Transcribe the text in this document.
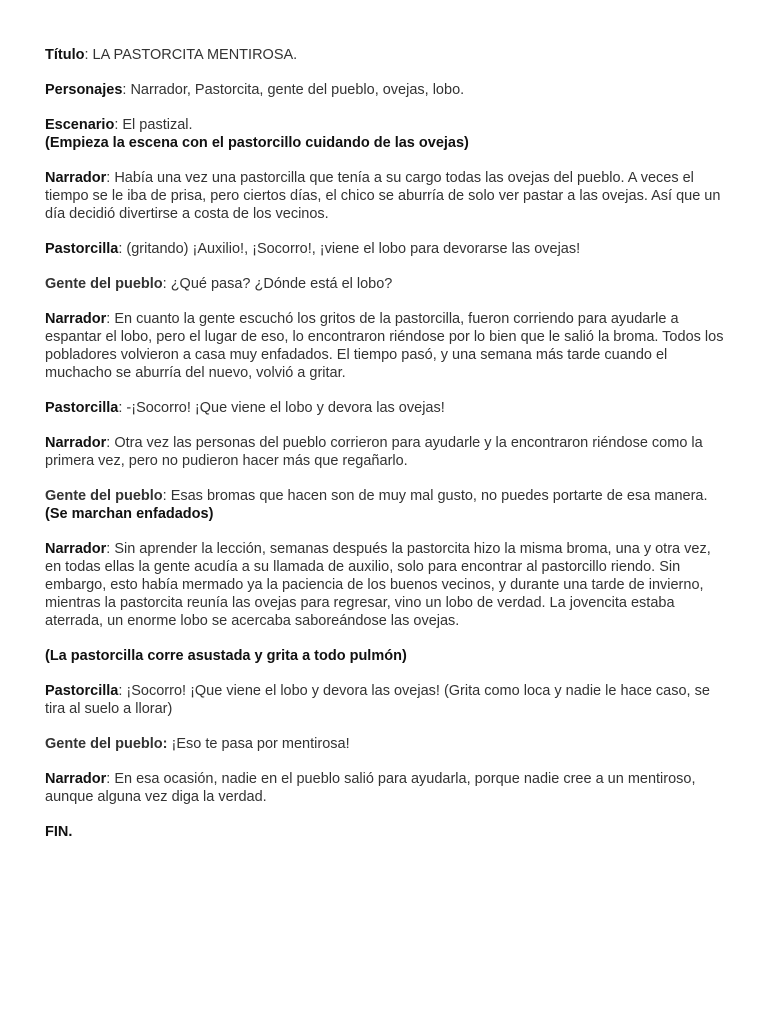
Título: LA PASTORCITA MENTIROSA.

Personajes: Narrador, Pastorcita, gente del pueblo, ovejas, lobo.

Escenario: El pastizal.

(Empieza la escena con el pastorcillo cuidando de las ovejas)

Narrador: Había una vez una pastorcilla que tenía a su cargo todas las ovejas del pueblo. A veces el tiempo se le iba de prisa, pero ciertos días, el chico se aburría de solo ver pastar a las ovejas. Así que un día decidió divertirse a costa de los vecinos.

Pastorcilla: (gritando) ¡Auxilio!, ¡Socorro!, ¡viene el lobo para devorarse las ovejas!

Gente del pueblo: ¿Qué pasa? ¿Dónde está el lobo?

Narrador: En cuanto la gente escuchó los gritos de la pastorcilla, fueron corriendo para ayudarle a espantar el lobo, pero el lugar de eso, lo encontraron riéndose por lo bien que le salió la broma. Todos los pobladores volvieron a casa muy enfadados. El tiempo pasó, y una semana más tarde cuando el muchacho se aburría del nuevo, volvió a gritar.

Pastorcilla: -¡Socorro! ¡Que viene el lobo y devora las ovejas!

Narrador: Otra vez las personas del pueblo corrieron para ayudarle y la encontraron riéndose como la primera vez, pero no pudieron hacer más que regañarlo.

Gente del pueblo: Esas bromas que hacen son de muy mal gusto, no puedes portarte de esa manera. (Se marchan enfadados)

Narrador: Sin aprender la lección, semanas después la pastorcita hizo la misma broma, una y otra vez, en todas ellas la gente acudía a su llamada de auxilio, solo para encontrar al pastorcillo riendo. Sin embargo, esto había mermado ya la paciencia de los buenos vecinos, y durante una tarde de invierno, mientras la pastorcita reunía las ovejas para regresar, vino un lobo de verdad. La jovencita estaba aterrada, un enorme lobo se acercaba saboreándose las ovejas.

(La pastorcilla corre asustada y grita a todo pulmón)

Pastorcilla: ¡Socorro! ¡Que viene el lobo y devora las ovejas! (Grita como loca y nadie le hace caso, se tira al suelo a llorar)

Gente del pueblo: ¡Eso te pasa por mentirosa!

Narrador: En esa ocasión, nadie en el pueblo salió para ayudarla, porque nadie cree a un mentiroso, aunque alguna vez diga la verdad.

FIN.
